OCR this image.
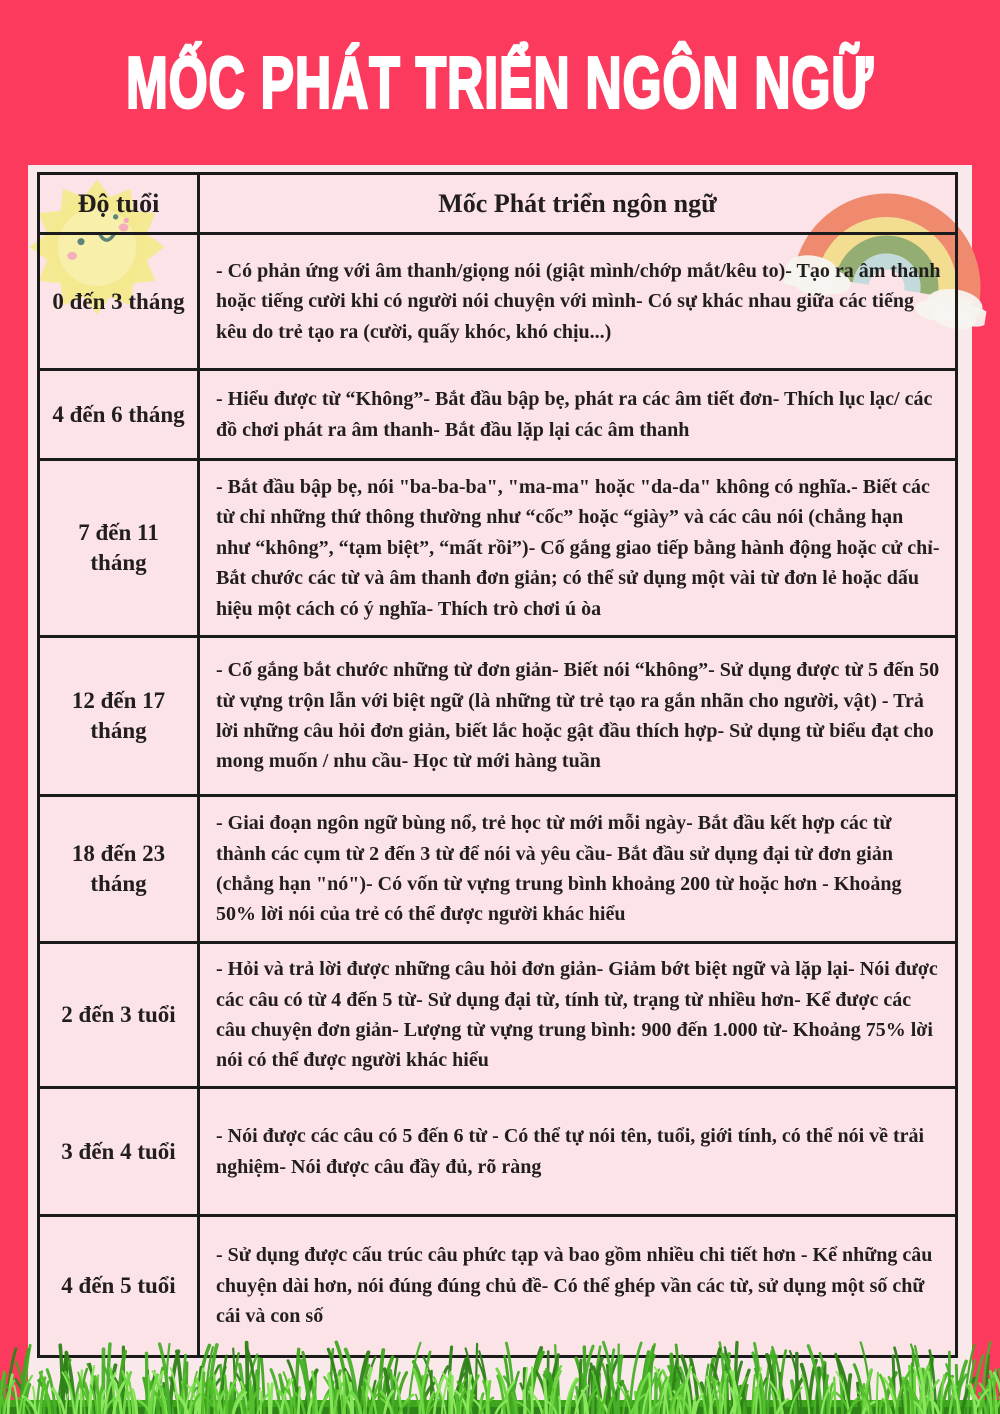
MỐC PHÁT TRIỂN NGÔN NGỮ
Độ tuổi	Mốc Phát triển ngôn ngữ
0 đến 3 tháng	- Có phản ứng với âm thanh/giọng nói (giật mình/chớp mắt/kêu to)- Tạo ra âm thanh hoặc tiếng cười khi có người nói chuyện với mình- Có sự khác nhau giữa các tiếng kêu do trẻ tạo ra (cười, quấy khóc, khó chịu...)
4 đến 6 tháng	- Hiểu được từ “Không”- Bắt đầu bập bẹ, phát ra các âm tiết đơn- Thích lục lạc/ các đồ chơi phát ra âm thanh- Bắt đầu lặp lại các âm thanh
7 đến 11 tháng	- Bắt đầu bập bẹ, nói "ba-ba-ba", "ma-ma" hoặc "da-da" không có nghĩa.- Biết các từ chỉ những thứ thông thường như “cốc” hoặc “giày” và các câu nói (chẳng hạn như “không”, “tạm biệt”, “mất rồi”)- Cố gắng giao tiếp bằng hành động hoặc cử chỉ- Bắt chước các từ và âm thanh đơn giản; có thể sử dụng một vài từ đơn lẻ hoặc dấu hiệu một cách có ý nghĩa- Thích trò chơi ú òa
12 đến 17 tháng	- Cố gắng bắt chước những từ đơn giản- Biết nói “không”- Sử dụng được từ 5 đến 50 từ vựng trộn lẫn với biệt ngữ (là những từ trẻ tạo ra gắn nhãn cho người, vật) - Trả lời những câu hỏi đơn giản, biết lắc hoặc gật đầu thích hợp- Sử dụng từ biểu đạt cho mong muốn / nhu cầu- Học từ mới hàng tuần
18 đến 23 tháng	- Giai đoạn ngôn ngữ bùng nổ, trẻ học từ mới mỗi ngày- Bắt đầu kết hợp các từ thành các cụm từ 2 đến 3 từ để nói và yêu cầu- Bắt đầu sử dụng đại từ đơn giản (chẳng hạn "nó")- Có vốn từ vựng trung bình khoảng 200 từ hoặc hơn - Khoảng 50% lời nói của trẻ có thể được người khác hiểu
2 đến 3 tuổi	- Hỏi và trả lời được những câu hỏi đơn giản- Giảm bớt biệt ngữ và lặp lại- Nói được các câu có từ 4 đến 5 từ- Sử dụng đại từ, tính từ, trạng từ nhiều hơn- Kể được các câu chuyện đơn giản- Lượng từ vựng trung bình: 900 đến 1.000 từ- Khoảng 75% lời nói có thể được người khác hiểu
3 đến 4 tuổi	- Nói được các câu có 5 đến 6 từ - Có thể tự nói tên, tuổi, giới tính, có thể nói về trải nghiệm- Nói được câu đầy đủ, rõ ràng
4 đến 5 tuổi	- Sử dụng được cấu trúc câu phức tạp và bao gồm nhiều chi tiết hơn - Kể những câu chuyện dài hơn, nói đúng đúng chủ đề- Có thể ghép vần các từ, sử dụng một số chữ cái và con số
